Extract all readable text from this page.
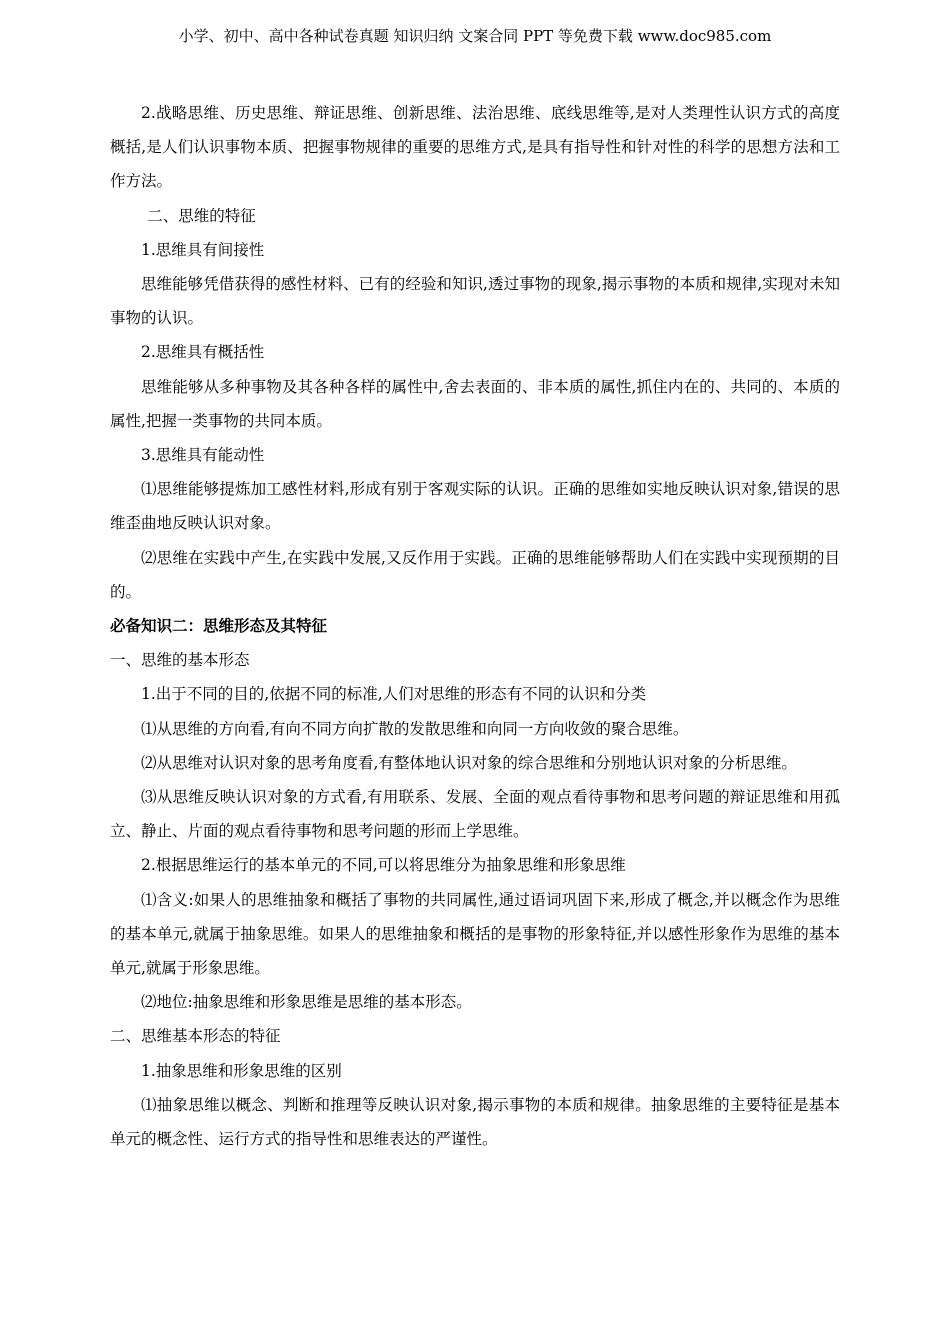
小学、初中、高中各种试卷真题 知识归纳 文案合同 PPT 等免费下载 www.doc985.com

2.战略思维、历史思维、辩证思维、创新思维、法治思维、底线思维等,是对人类理性认识方式的高度概括,是人们认识事物本质、把握事物规律的重要的思维方式,是具有指导性和针对性的科学的思想方法和工作方法。

二、思维的特征

1.思维具有间接性

思维能够凭借获得的感性材料、已有的经验和知识,透过事物的现象,揭示事物的本质和规律,实现对未知事物的认识。

2.思维具有概括性

思维能够从多种事物及其各种各样的属性中,舍去表面的、非本质的属性,抓住内在的、共同的、本质的属性,把握一类事物的共同本质。

3.思维具有能动性

⑴思维能够提炼加工感性材料,形成有别于客观实际的认识。正确的思维如实地反映认识对象,错误的思维歪曲地反映认识对象。

⑵思维在实践中产生,在实践中发展,又反作用于实践。正确的思维能够帮助人们在实践中实现预期的目的。

必备知识二：思维形态及其特征

一、思维的基本形态

1.出于不同的目的,依据不同的标准,人们对思维的形态有不同的认识和分类

⑴从思维的方向看,有向不同方向扩散的发散思维和向同一方向收敛的聚合思维。

⑵从思维对认识对象的思考角度看,有整体地认识对象的综合思维和分别地认识对象的分析思维。

⑶从思维反映认识对象的方式看,有用联系、发展、全面的观点看待事物和思考问题的辩证思维和用孤立、静止、片面的观点看待事物和思考问题的形而上学思维。

2.根据思维运行的基本单元的不同,可以将思维分为抽象思维和形象思维

⑴含义:如果人的思维抽象和概括了事物的共同属性,通过语词巩固下来,形成了概念,并以概念作为思维的基本单元,就属于抽象思维。如果人的思维抽象和概括的是事物的形象特征,并以感性形象作为思维的基本单元,就属于形象思维。

⑵地位:抽象思维和形象思维是思维的基本形态。

二、思维基本形态的特征

1.抽象思维和形象思维的区别

⑴抽象思维以概念、判断和推理等反映认识对象,揭示事物的本质和规律。抽象思维的主要特征是基本单元的概念性、运行方式的指导性和思维表达的严谨性。
